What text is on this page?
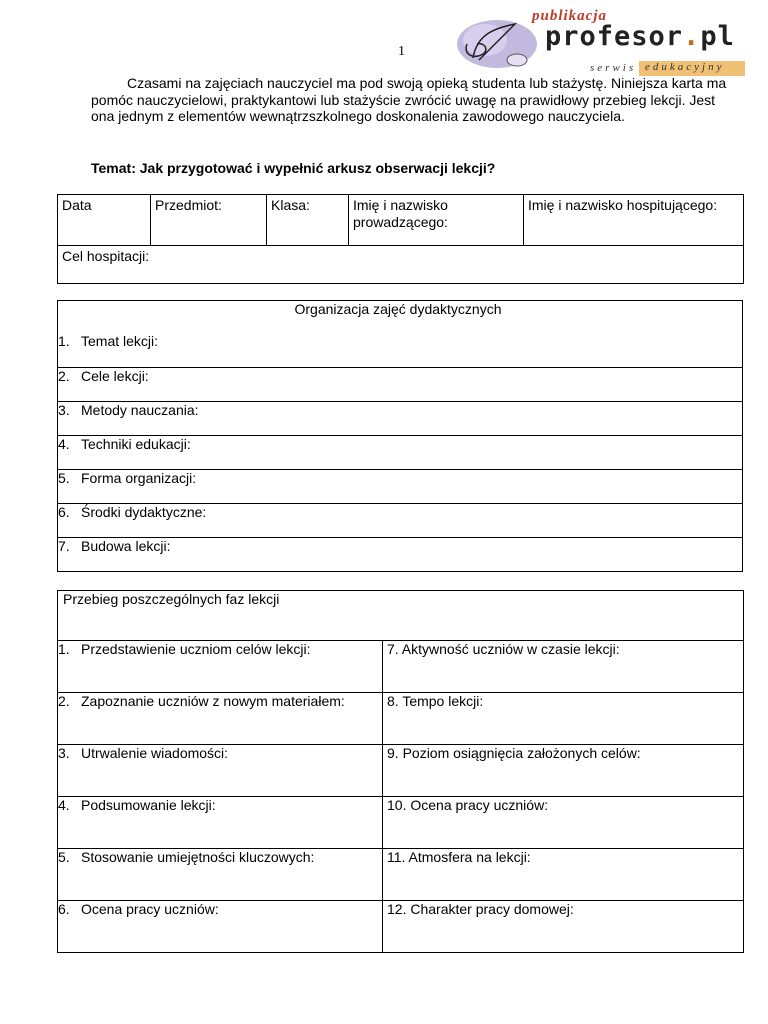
1
publikacja
profesor.pl
serwis edukacyjny
Czasami na zajęciach nauczyciel ma pod swoją opieką studenta lub stażystę. Niniejsza karta ma pomóc nauczycielowi, praktykantowi lub stażyście zwrócić uwagę na prawidłowy przebieg lekcji. Jest ona jednym z elementów wewnątrzszkolnego doskonalenia zawodowego nauczyciela.
Temat: Jak przygotować i wypełnić arkusz obserwacji lekcji?
Data	Przedmiot:	Klasa:	Imię i nazwisko prowadzącego:	Imię i nazwisko hospitującego:
Cel hospitacji:
Organizacja zajęć dydaktycznych
1. Temat lekcji:

2. Cele lekcji:
3. Metody nauczania:
4. Techniki edukacji:
5. Forma organizacji:
6. Środki dydaktyczne:
7. Budowa lekcji:
Przebieg poszczególnych faz lekcji	
1. Przedstawienie uczniom celów lekcji:	7. Aktywność uczniów w czasie lekcji:
2. Zapoznanie uczniów z nowym materiałem:	8. Tempo lekcji:
3. Utrwalenie wiadomości:	9. Poziom osiągnięcia założonych celów:
4. Podsumowanie lekcji:	10. Ocena pracy uczniów:
5. Stosowanie umiejętności kluczowych:	11. Atmosfera na lekcji:
6. Ocena pracy uczniów:	12. Charakter pracy domowej:
